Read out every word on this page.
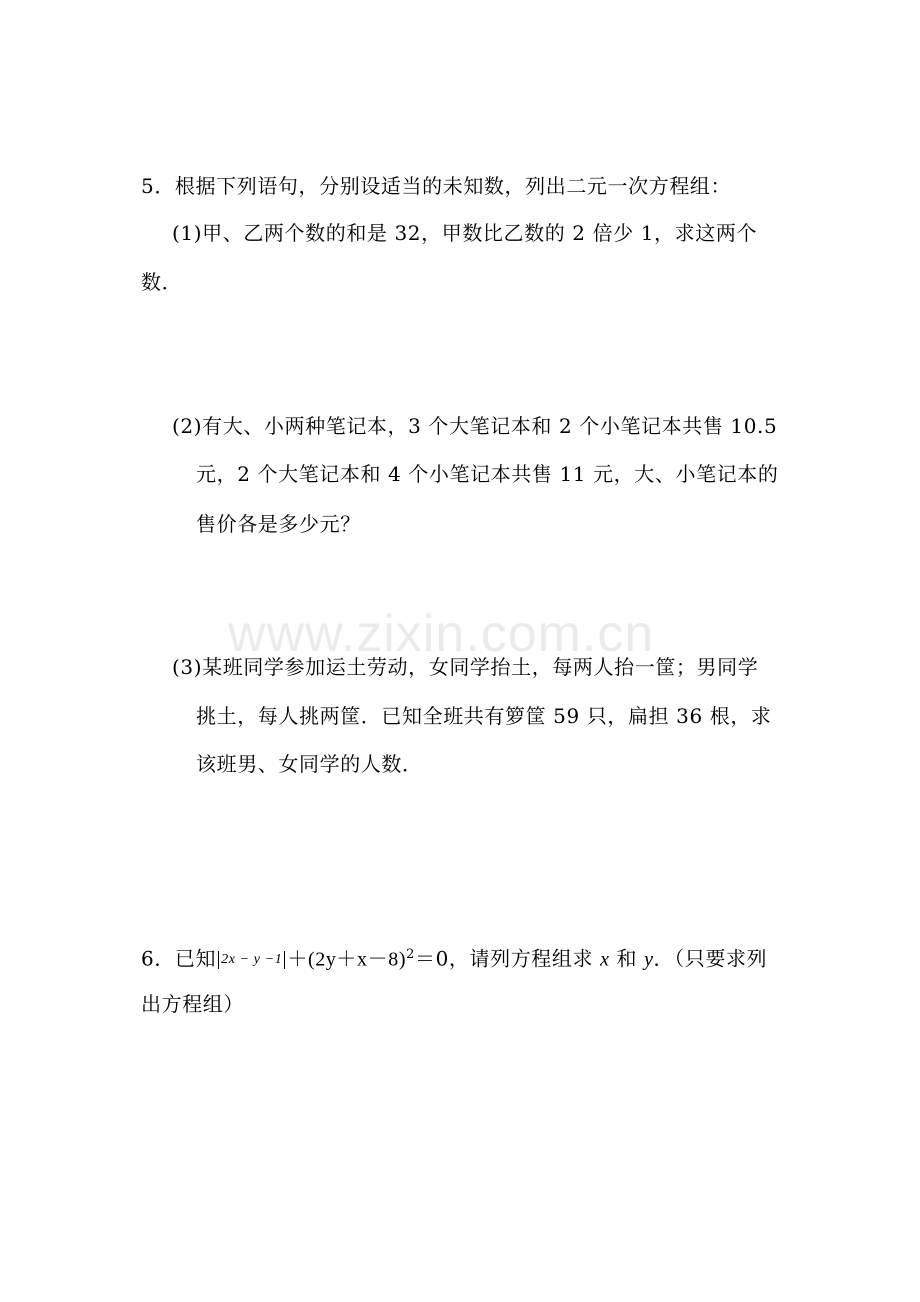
www.zixin.com.cn
5．根据下列语句，分别设适当的未知数，列出二元一次方程组：
(1)甲、乙两个数的和是 32，甲数比乙数的 2 倍少 1，求这两个
数．
(2)有大、小两种笔记本，3 个大笔记本和 2 个小笔记本共售 10.5
元，2 个大笔记本和 4 个小笔记本共售 11 元，大、小笔记本的
售价各是多少元？
(3)某班同学参加运土劳动，女同学抬土，每两人抬一筐；男同学
挑土，每人挑两筐．已知全班共有箩筐 59 只，扁担 36 根，求
该班男、女同学的人数．
6．已知 $2x - y -1 +(2y+x-8)^2=0$，请列方程组求 x 和 y．（只要求列
出方程组）
